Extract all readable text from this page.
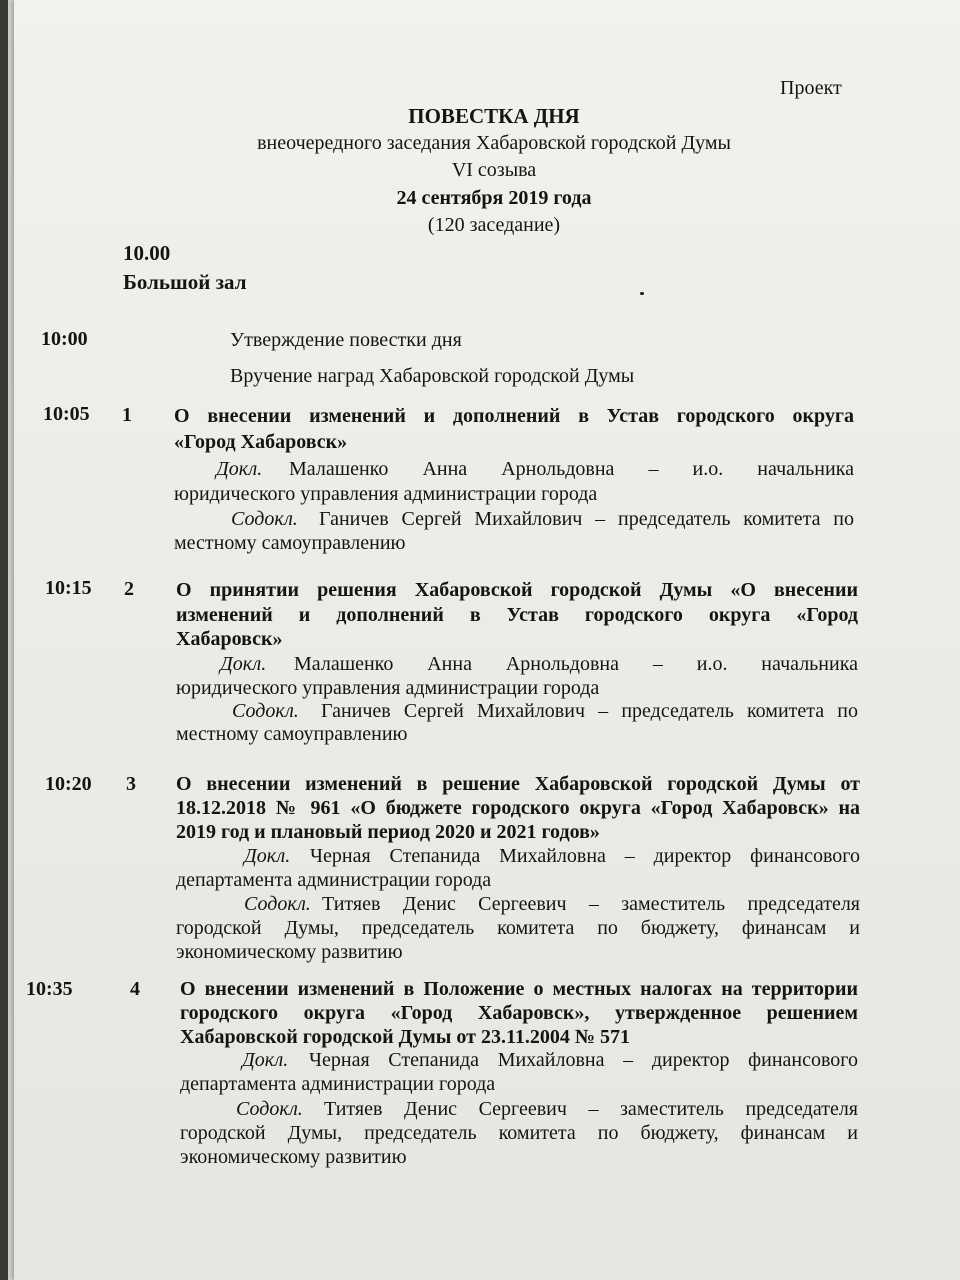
Проект
ПОВЕСТКА ДНЯ
внеочередного заседания Хабаровской городской Думы
VI созыва
24 сентября 2019 года
(120 заседание)
10.00
Большой зал
10:00	Утверждение повестки дня
Вручение наград Хабаровской городской Думы
10:05 1 О внесении изменений и дополнений в Устав городского округа
«Город Хабаровск»
Докл. Малашенко Анна Арнольдовна – и.о. начальника
юридического управления администрации города
Содокл. Ганичев Сергей Михайлович – председатель комитета по
местному самоуправлению
10:15 2 О принятии решения Хабаровской городской Думы «О внесении
изменений и дополнений в Устав городского округа «Город
Хабаровск»
Докл. Малашенко Анна Арнольдовна – и.о. начальника
юридического управления администрации города
Содокл. Ганичев Сергей Михайлович – председатель комитета по
местному самоуправлению
10:20 3 О внесении изменений в решение Хабаровской городской Думы от
18.12.2018 № 961 «О бюджете городского округа «Город Хабаровск» на
2019 год и плановый период 2020 и 2021 годов»
Докл. Черная Степанида Михайловна – директор финансового
департамента администрации города
Содокл. Титяев Денис Сергеевич – заместитель председателя
городской Думы, председатель комитета по бюджету, финансам и
экономическому развитию
10:35	4 О внесении изменений в Положение о местных налогах на территории
городского округа «Город Хабаровск», утвержденное решением
Хабаровской городской Думы от 23.11.2004 № 571
Докл. Черная Степанида Михайловна – директор финансового
департамента администрации города
Содокл. Титяев Денис Сергеевич – заместитель председателя
городской Думы, председатель комитета по бюджету, финансам и
экономическому развитию
